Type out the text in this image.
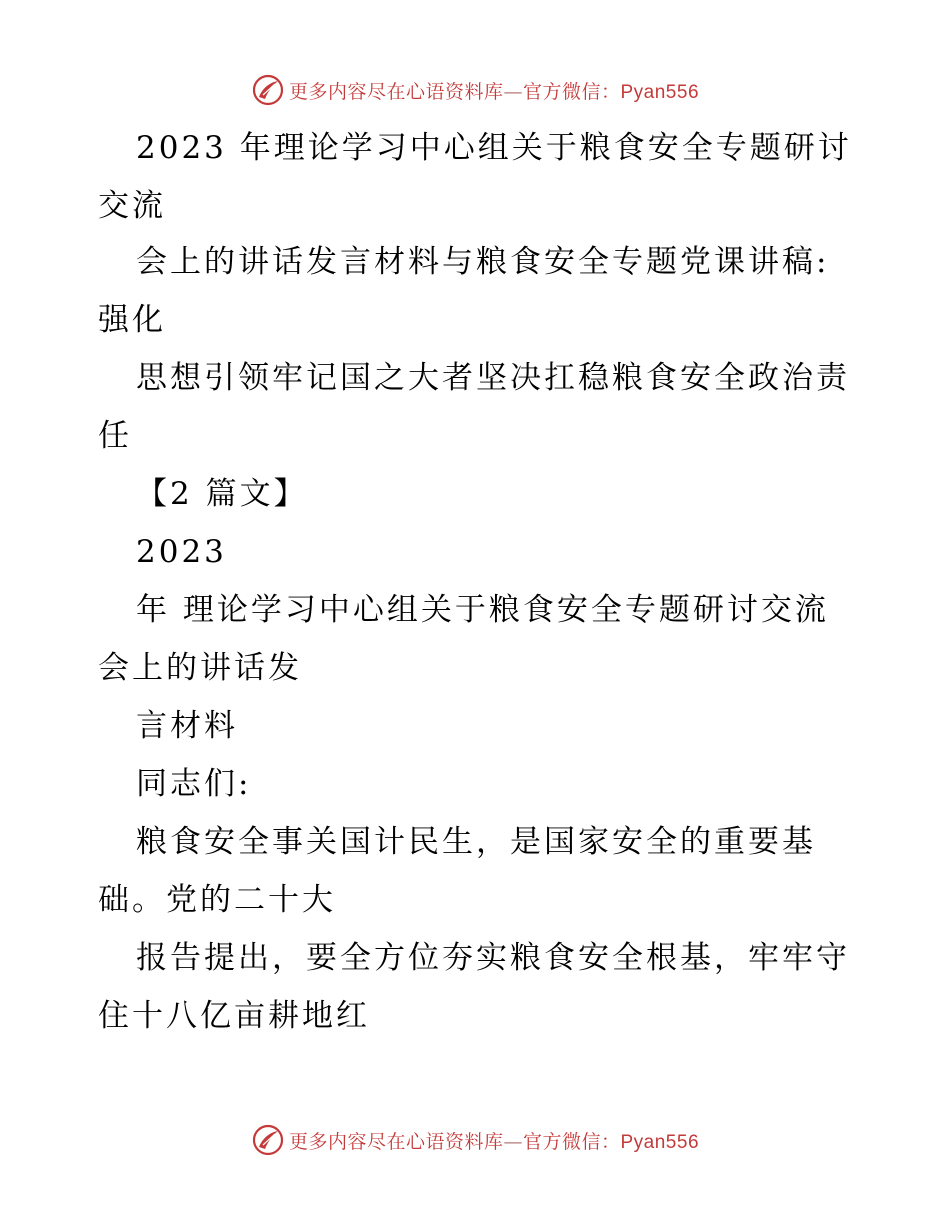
更多内容尽在心语资料库—官方微信：Pyan556
2023 年理论学习中心组关于粮食安全专题研讨
交流
会上的讲话发言材料与粮食安全专题党课讲稿:
强化
思想引领牢记国之大者坚决扛稳粮食安全政治责
任
【2 篇文】
2023
年 理论学习中心组关于粮食安全专题研讨交流
会上的讲话发
言材料
同志们:
粮食安全事关国计民生，是国家安全的重要基
础。党的二十大
报告提出，要全方位夯实粮食安全根基，牢牢守
住十八亿亩耕地红
更多内容尽在心语资料库—官方微信：Pyan556
